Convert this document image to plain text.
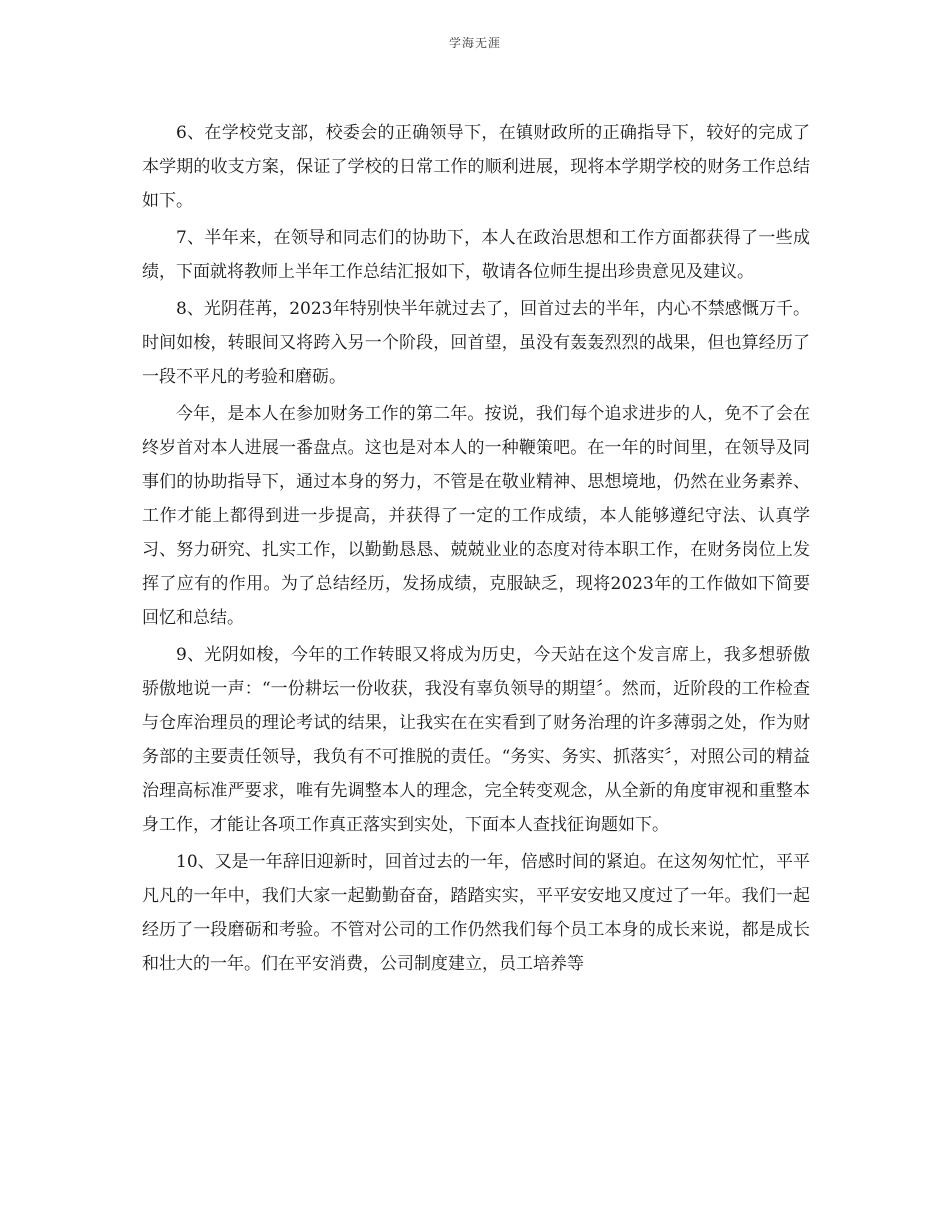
学海无涯

6、在学校党支部，校委会的正确领导下，在镇财政所的正确指导下，较好的完成了本学期的收支方案，保证了学校的日常工作的顺利进展，现将本学期学校的财务工作总结如下。

7、半年来，在领导和同志们的协助下，本人在政治思想和工作方面都获得了一些成绩，下面就将教师上半年工作总结汇报如下，敬请各位师生提出珍贵意见及建议。

8、光阴荏苒，2023年特别快半年就过去了，回首过去的半年，内心不禁感慨万千。时间如梭，转眼间又将跨入另一个阶段，回首望，虽没有轰轰烈烈的战果，但也算经历了一段不平凡的考验和磨砺。

今年，是本人在参加财务工作的第二年。按说，我们每个追求进步的人，免不了会在终岁首对本人进展一番盘点。这也是对本人的一种鞭策吧。在一年的时间里，在领导及同事们的协助指导下，通过本身的努力，不管是在敬业精神、思想境地，仍然在业务素养、工作才能上都得到进一步提高，并获得了一定的工作成绩，本人能够遵纪守法、认真学习、努力研究、扎实工作，以勤勤恳恳、兢兢业业的态度对待本职工作，在财务岗位上发挥了应有的作用。为了总结经历，发扬成绩，克服缺乏，现将2023年的工作做如下简要回忆和总结。

9、光阴如梭，今年的工作转眼又将成为历史，今天站在这个发言席上，我多想骄傲骄傲地说一声：“一份耕坛一份收获，我没有辜负领导的期望〞。然而，近阶段的工作检查与仓库治理员的理论考试的结果，让我实在在实看到了财务治理的许多薄弱之处，作为财务部的主要责任领导，我负有不可推脱的责任。“务实、务实、抓落实〞，对照公司的精益治理高标准严要求，唯有先调整本人的理念，完全转变观念，从全新的角度审视和重整本身工作，才能让各项工作真正落实到实处，下面本人查找征询题如下。

10、又是一年辞旧迎新时，回首过去的一年，倍感时间的紧迫。在这匆匆忙忙，平平凡凡的一年中，我们大家一起勤勤奋奋，踏踏实实，平平安安地又度过了一年。我们一起经历了一段磨砺和考验。不管对公司的工作仍然我们每个员工本身的成长来说，都是成长和壮大的一年。们在平安消费，公司制度建立，员工培养等
